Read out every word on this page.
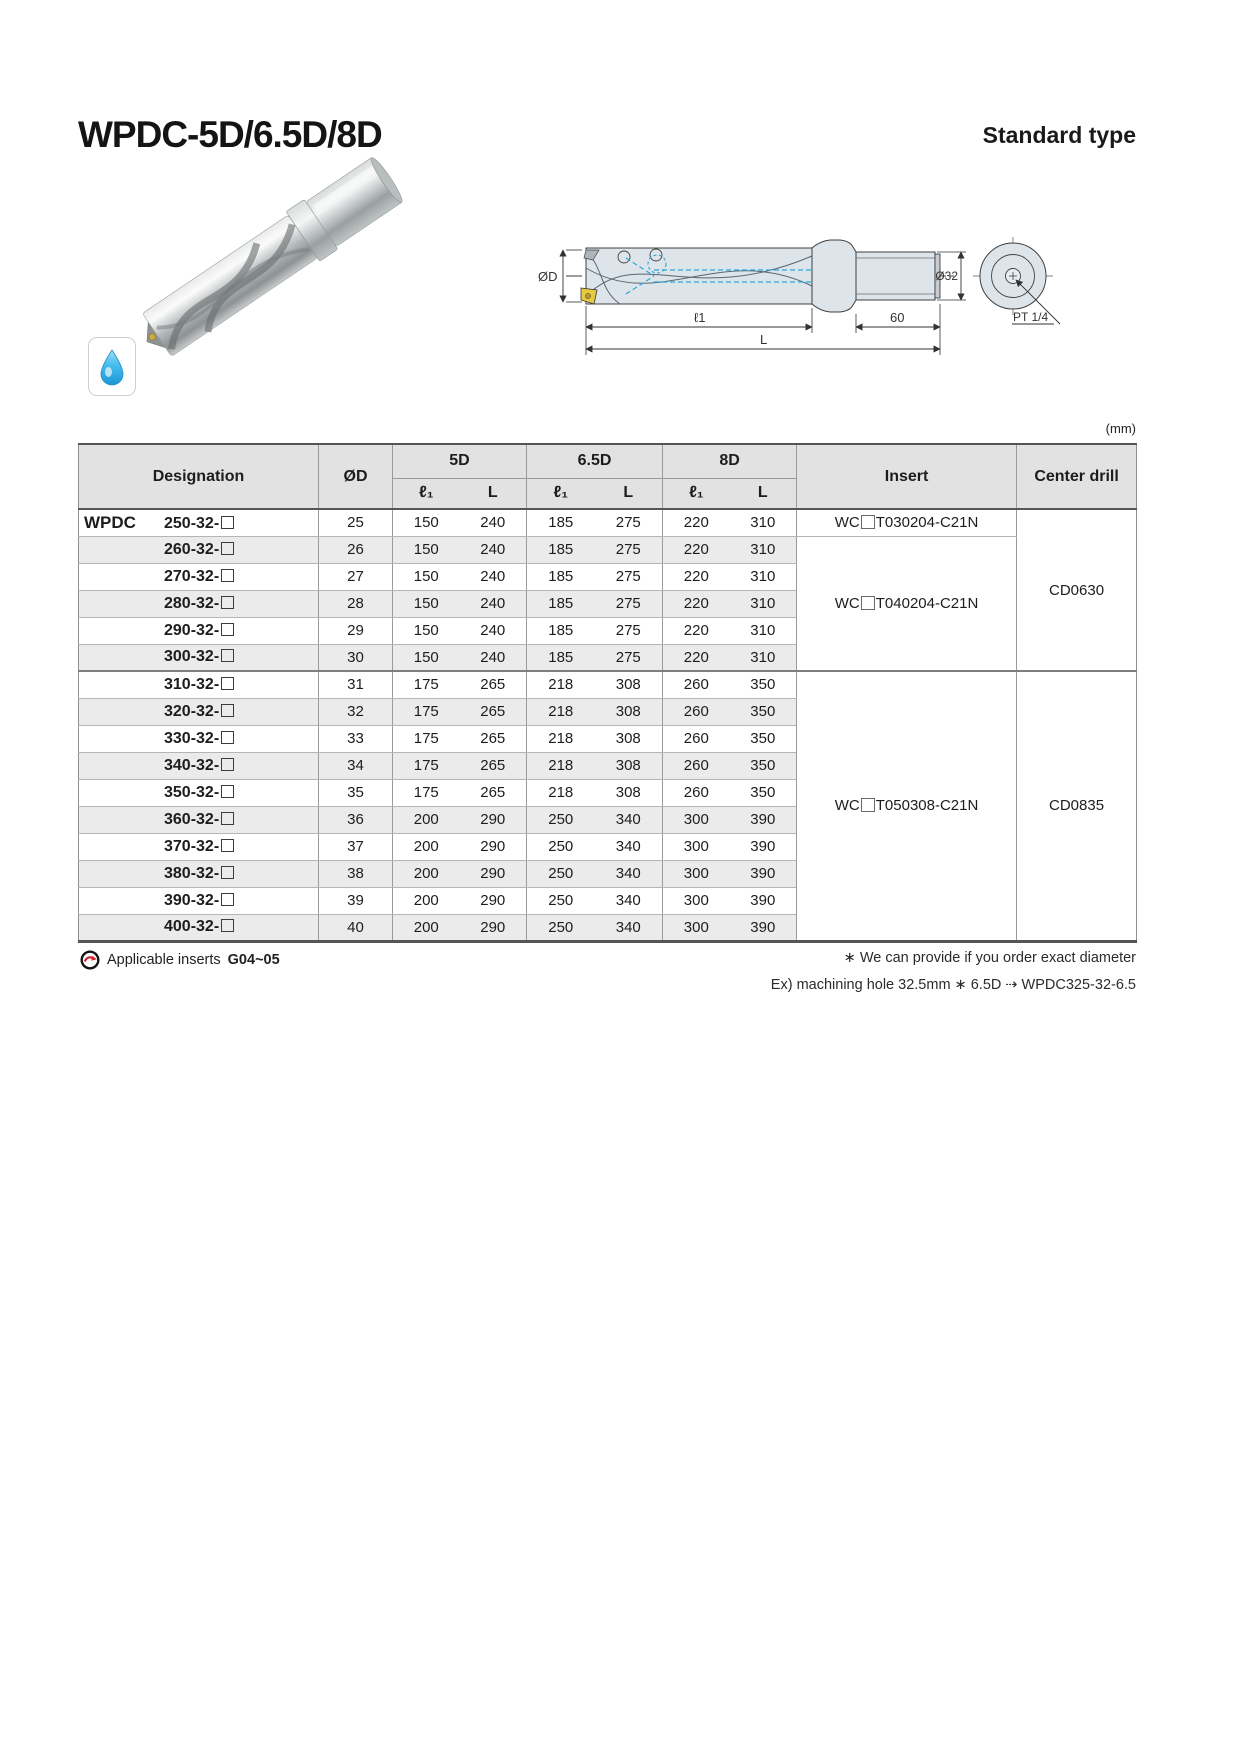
WPDC-5D/6.5D/8D	Standard type
ØD	Ø32
ℓ1	60
L
PT 1/4
(mm)
Designation	ØD	5D		6.5D		8D		Insert	Center drill
		ℓ₁	L	ℓ₁	L	ℓ₁	L		
WPDC 250-32-	25	150	240	185	275	220	310	WC T030204-C21N	CD0630
260-32-	26	150	240	185	275	220	310	WC T040204-C21N	
270-32-	27	150	240	185	275	220	310		
280-32-	28	150	240	185	275	220	310		
290-32-	29	150	240	185	275	220	310		
300-32-	30	150	240	185	275	220	310		
310-32-	31	175	265	218	308	260	350	WC T050308-C21N	CD0835
320-32-	32	175	265	218	308	260	350		
330-32-	33	175	265	218	308	260	350		
340-32-	34	175	265	218	308	260	350		
350-32-	35	175	265	218	308	260	350		
360-32-	36	200	290	250	340	300	390		
370-32-	37	200	290	250	340	300	390		
380-32-	38	200	290	250	340	300	390		
390-32-	39	200	290	250	340	300	390		
400-32-	40	200	290	250	340	300	390		
Applicable inserts G04~05	∗ We can provide if you order exact diameter
Ex) machining hole 32.5mm ∗ 6.5D ⇢ WPDC325-32-6.5
